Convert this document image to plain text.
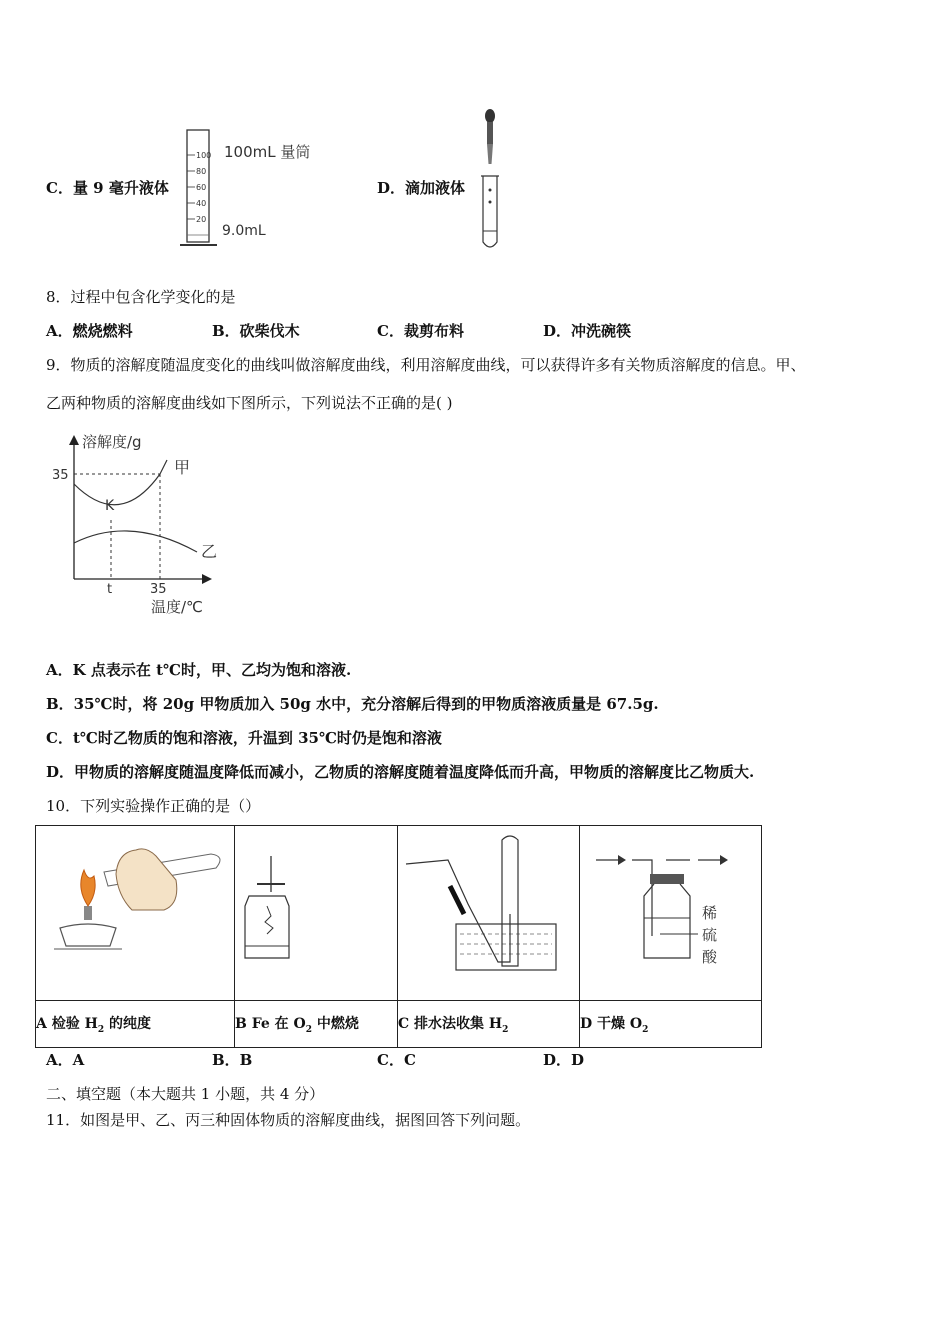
C．量 9 毫升液体
100
80
60
40
20
100mL 量筒
9.0mL
D．滴加液体
8．过程中包含化学变化的是
A．燃烧燃料	B．砍柴伐木	C．裁剪布料	D．冲洗碗筷
9．物质的溶解度随温度变化的曲线叫做溶解度曲线，利用溶解度曲线，可以获得许多有关物质溶解度的信息。甲、
乙两种物质的溶解度曲线如下图所示，下列说法不正确的是( )
溶解度/g
35	甲
乙
K
t	35
温度/℃
A．K 点表示在 t℃时，甲、乙均为饱和溶液.
B．35℃时，将 20g 甲物质加入 50g 水中，充分溶解后得到的甲物质溶液质量是 67.5g.
C．t℃时乙物质的饱和溶液，升温到 35℃时仍是饱和溶液
D．甲物质的溶解度随温度降低而减小，乙物质的溶解度随着温度降低而升高，甲物质的溶解度比乙物质大.
10．下列实验操作正确的是（）

稀
硫
酸

A 检验 $H_2$ 的纯度	B Fe 在 $O_2$ 中燃烧	C 排水法收集 $H_2$	D 干燥 $O_2$
A．A	B．B	C．C	D．D
二、填空题（本大题共 1 小题，共 4 分）
11．如图是甲、乙、丙三种固体物质的溶解度曲线，据图回答下列问题。
